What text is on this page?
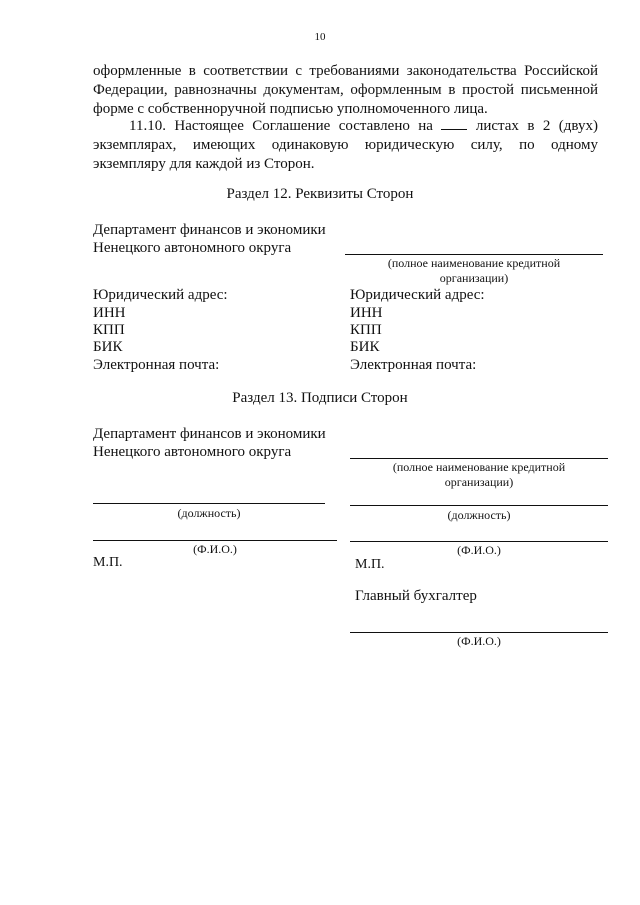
10
оформленные в соответствии с требованиями законодательства Российской Федерации, равнозначны документам, оформленным в простой письменной форме с собственноручной подписью уполномоченного лица.
11.10. Настоящее Соглашение составлено на  листах в 2 (двух) экземплярах, имеющих одинаковую юридическую силу, по одному экземпляру для каждой из Сторон.
Раздел 12. Реквизиты Сторон
Департамент финансов и экономики
Ненецкого автономного округа
(полное наименование кредитной
организации)
Юридический адрес:
ИНН
КПП
БИК
Электронная почта:
Юридический адрес:
ИНН
КПП
БИК
Электронная почта:
Раздел 13. Подписи Сторон
Департамент финансов и экономики
Ненецкого автономного округа
(полное наименование кредитной
организации)
(должность)	(должность)
(Ф.И.О.)
М.П.
(Ф.И.О.)
М.П.
Главный бухгалтер
(Ф.И.О.)
